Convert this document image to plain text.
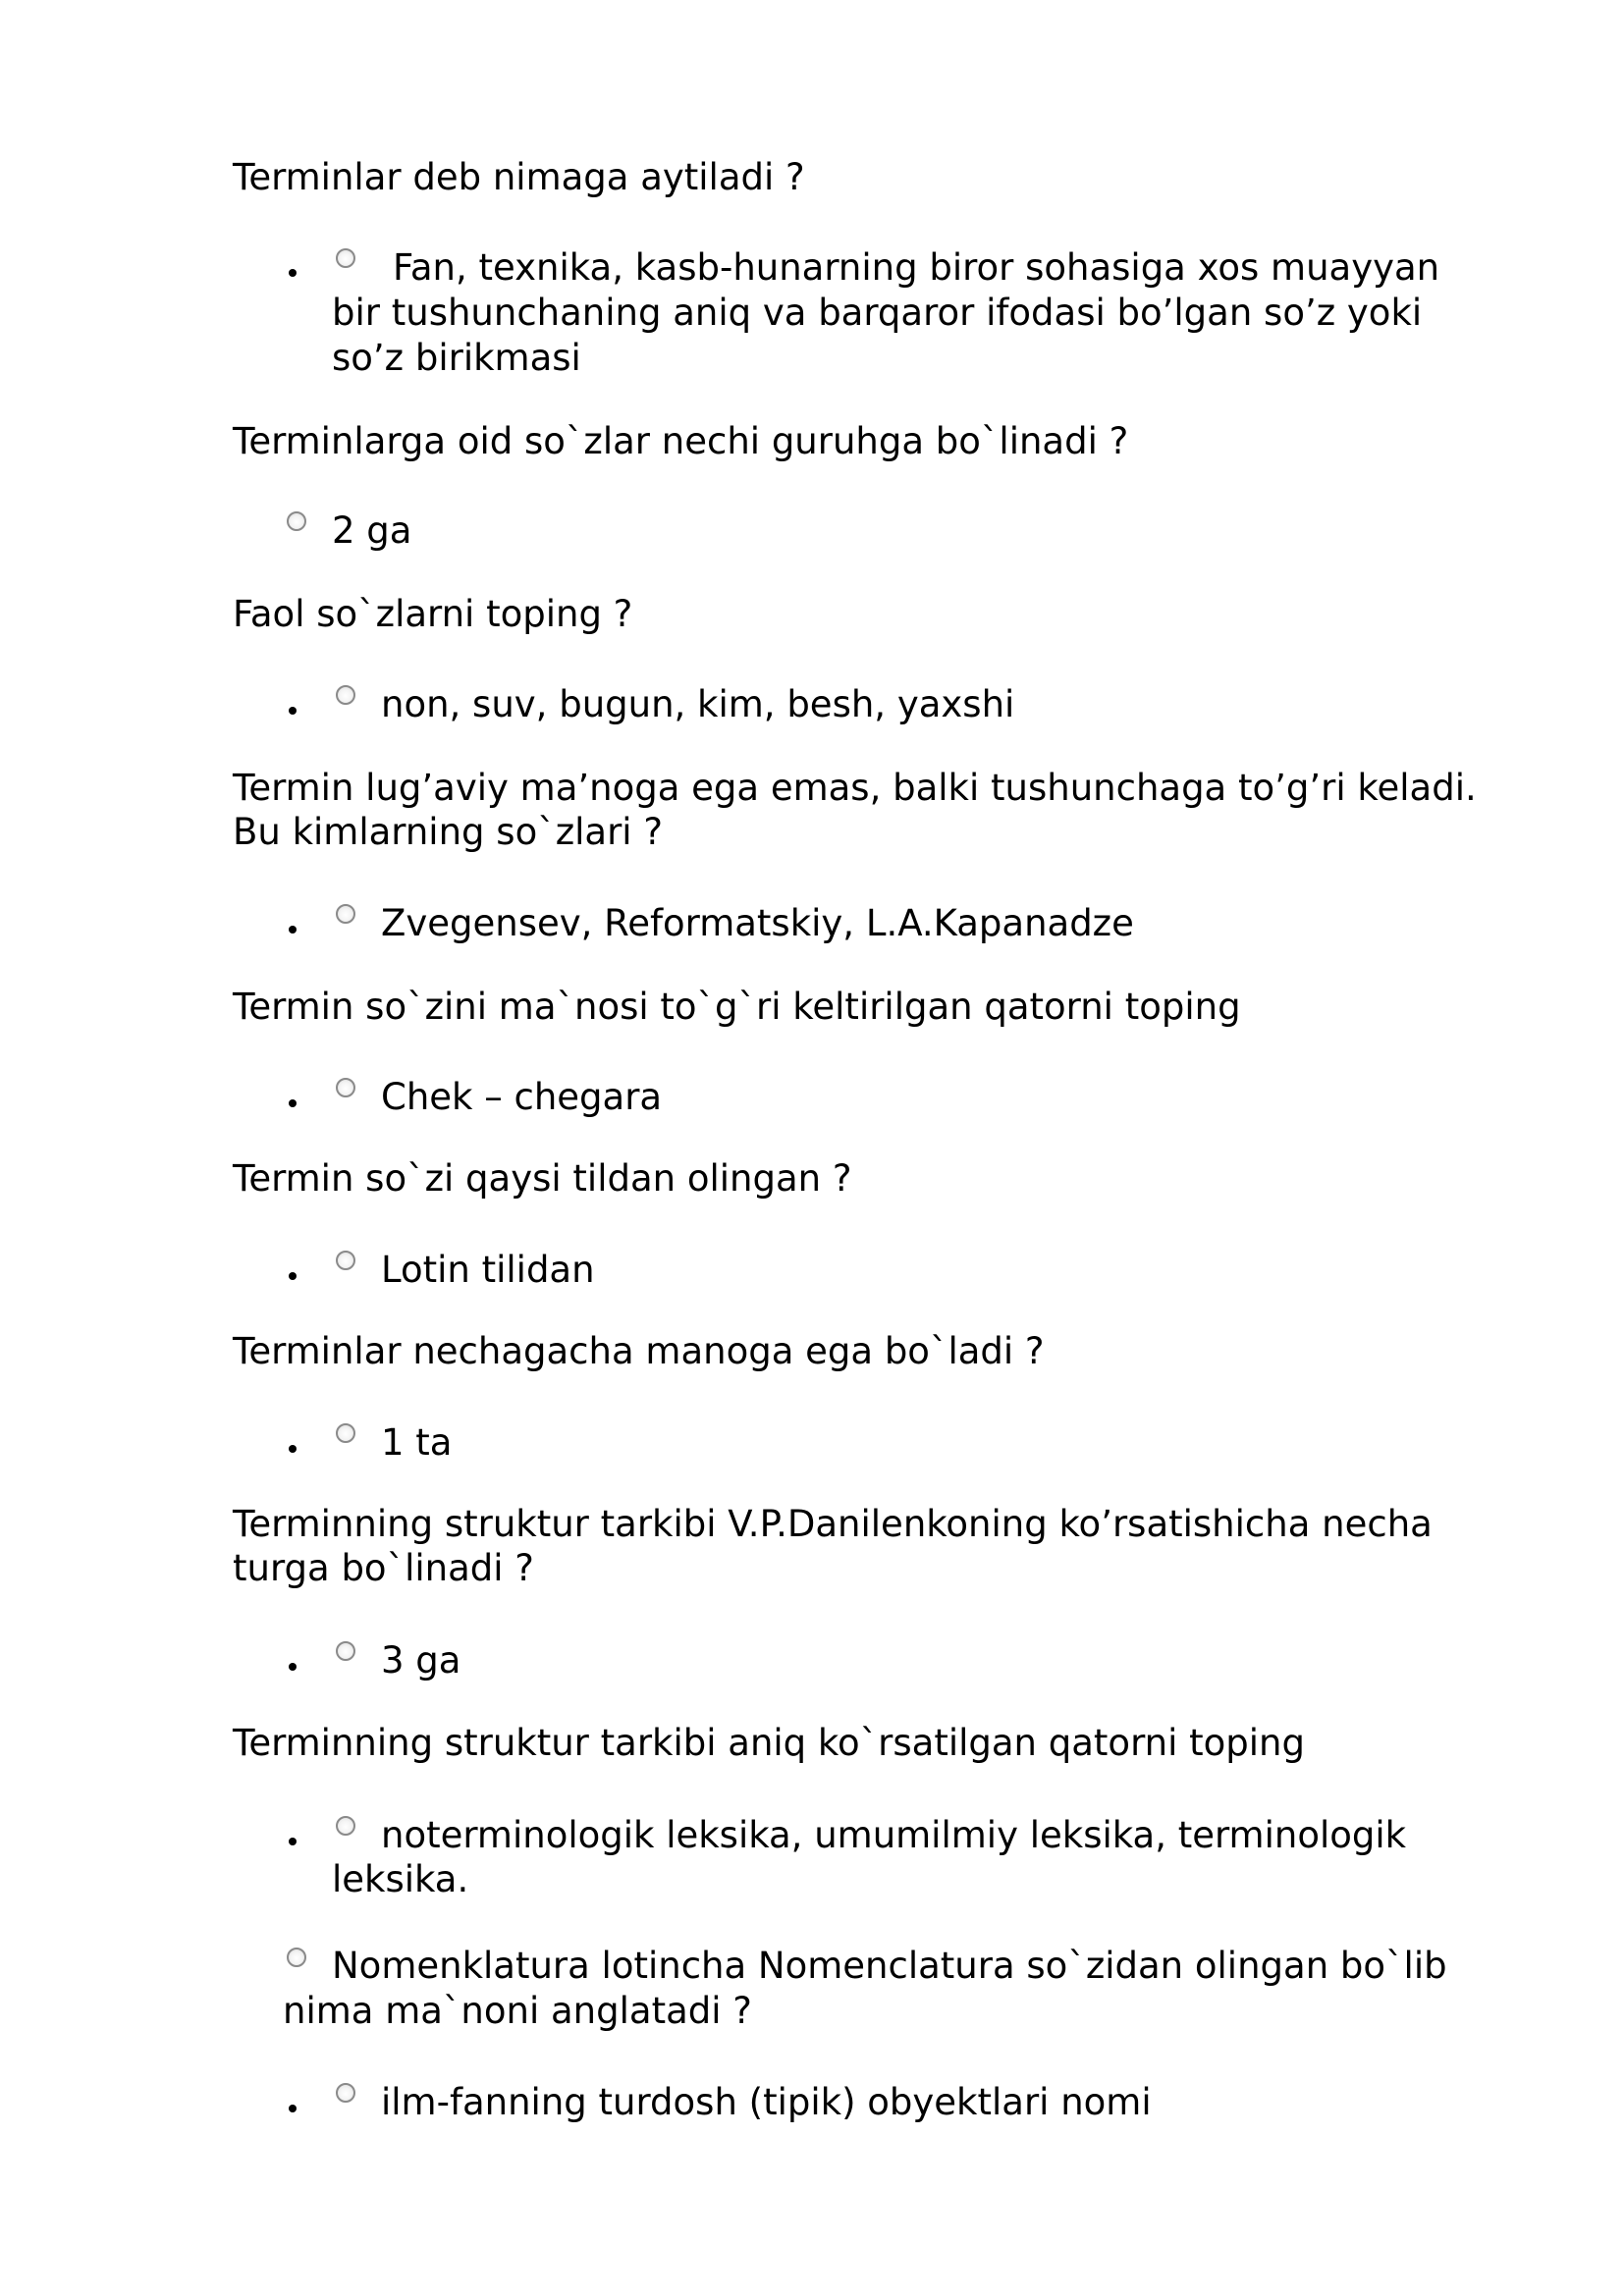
Terminlar deb nimaga aytiladi ?
Fan, texnika, kasb-hunarning biror sohasiga xos muayyan
bir tushunchaning aniq va barqaror ifodasi bo’lgan so’z yoki
so’z birikmasi
Terminlarga oid so`zlar nechi guruhga bo`linadi ?
2 ga
Faol so`zlarni toping ?
non, suv, bugun, kim, besh, yaxshi
Termin lug’aviy ma’noga ega emas, balki tushunchaga to’g’ri keladi.
Bu kimlarning so`zlari ?
Zvegensev, Reformatskiy, L.A.Kapanadze
Termin so`zini ma`nosi to`g`ri keltirilgan qatorni toping
Chek – chegara
Termin so`zi qaysi tildan olingan ?
Lotin tilidan
Terminlar nechagacha manoga ega bo`ladi ?
1 ta
Terminning struktur tarkibi V.P.Danilenkoning ko’rsatishicha necha
turga bo`linadi ?
3 ga
Terminning struktur tarkibi aniq ko`rsatilgan qatorni toping
noterminologik leksika, umumilmiy leksika, terminologik
leksika.
Nomenklatura lotincha Nomenclatura so`zidan olingan bo`lib
nima ma`noni anglatadi ?
ilm-fanning turdosh (tipik) obyektlari nomi
